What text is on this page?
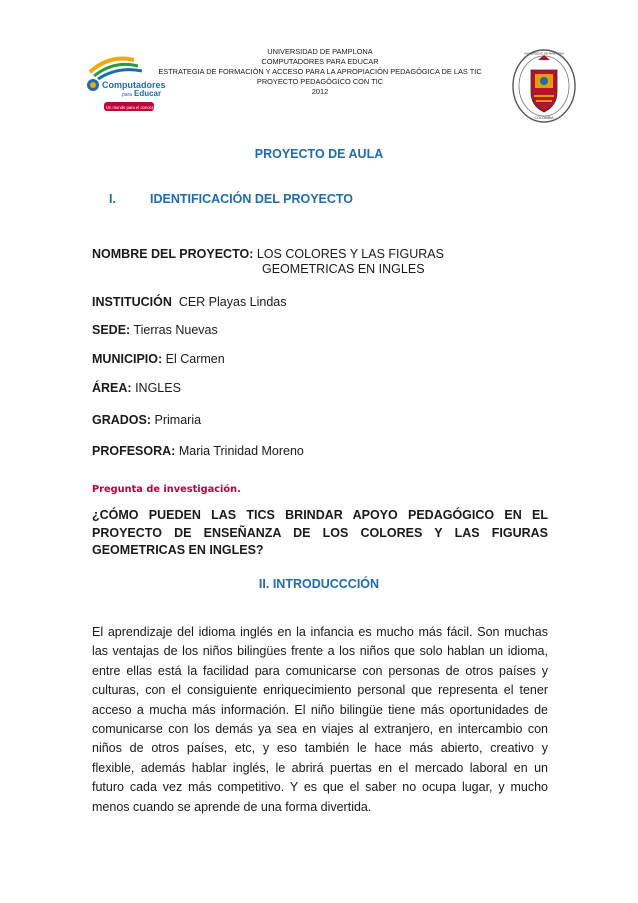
Computadores
para Educar
Un mundo para el conocimiento
UNIVERSIDAD DE PAMPLONA
COMPUTADORES PARA EDUCAR
ESTRATEGIA DE FORMACIÓN Y ACCESO PARA LA APROPIACIÓN PEDAGÓGICA DE LAS TIC
PROYECTO PEDAGÓGICO CON TIC
2012
COLOMBIA
UNIVERSIDAD DE PAMPLONA
PROYECTO DE AULA
I.	IDENTIFICACIÓN DEL PROYECTO
NOMBRE DEL PROYECTO: LOS COLORES Y LAS FIGURAS
GEOMETRICAS EN INGLES
INSTITUCIÓN CER Playas Lindas
SEDE: Tierras Nuevas
MUNICIPIO: El Carmen
ÁREA: INGLES
GRADOS: Primaria
PROFESORA: Maria Trinidad Moreno
Pregunta de investigación.
¿CÓMO PUEDEN LAS TICS BRINDAR APOYO PEDAGÓGICO EN EL
PROYECTO DE ENSEÑANZA DE LOS COLORES Y LAS FIGURAS
GEOMETRICAS EN INGLES?
II. INTRODUCCCIÓN
El aprendizaje del idioma inglés en la infancia es mucho más fácil. Son muchas
las ventajas de los niños bilingües frente a los niños que solo hablan un idioma,
entre ellas está la facilidad para comunicarse con personas de otros países y
culturas, con el consiguiente enriquecimiento personal que representa el tener
acceso a mucha más información. El niño bilingüe tiene más oportunidades de
comunicarse con los demás ya sea en viajes al extranjero, en intercambio con
niños de otros países, etc, y eso también le hace más abierto, creativo y
flexible, además hablar inglés, le abrirá puertas en el mercado laboral en un
futuro cada vez más competitivo. Y es que el saber no ocupa lugar, y mucho
menos cuando se aprende de una forma divertida.
